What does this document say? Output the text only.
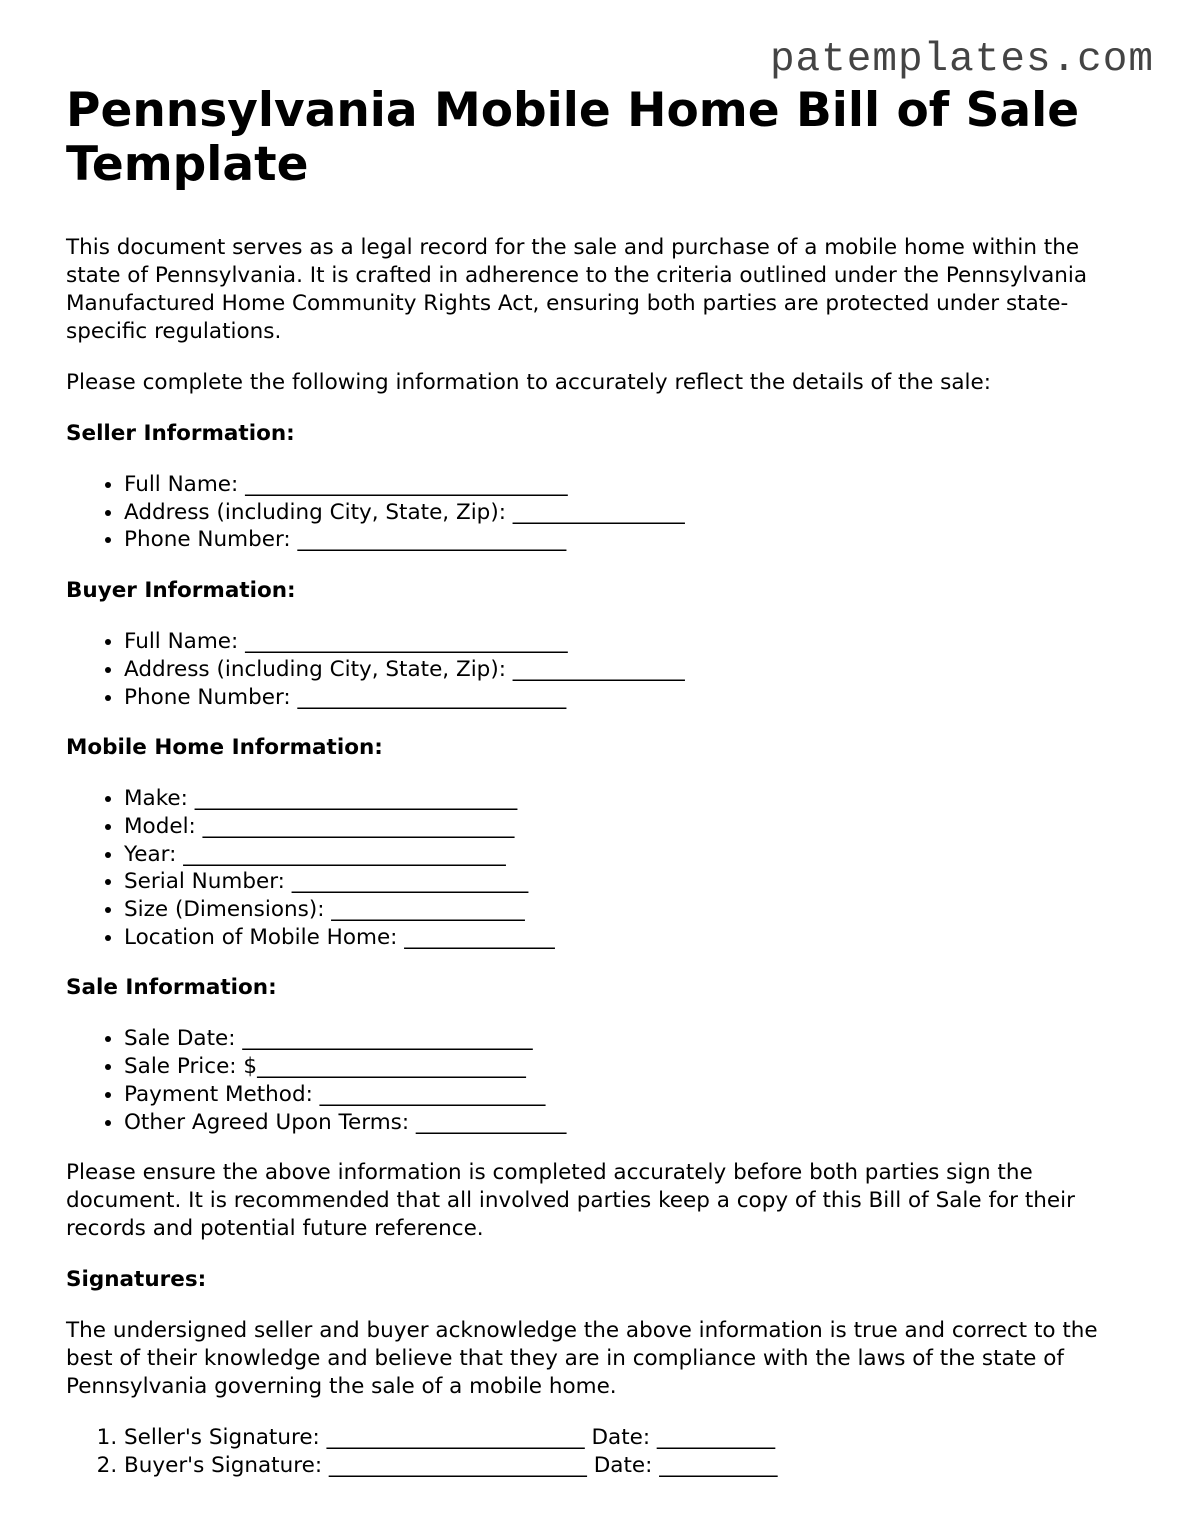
patemplates.com
Pennsylvania Mobile Home Bill of Sale Template

This document serves as a legal record for the sale and purchase of a mobile home within the state of Pennsylvania. It is crafted in adherence to the criteria outlined under the Pennsylvania Manufactured Home Community Rights Act, ensuring both parties are protected under state-specific regulations.

Please complete the following information to accurately reflect the details of the sale:

Seller Information:
• Full Name: ______________________________
• Address (including City, State, Zip): ________________
• Phone Number: _________________________
Buyer Information:
• Full Name: ______________________________
• Address (including City, State, Zip): ________________
• Phone Number: _________________________
Mobile Home Information:
• Make: ______________________________
• Model: _____________________________
• Year: ______________________________
• Serial Number: ______________________
• Size (Dimensions): __________________
• Location of Mobile Home: ______________
Sale Information:
• Sale Date: ___________________________
• Sale Price: $_________________________
• Payment Method: _____________________
• Other Agreed Upon Terms: ______________

Please ensure the above information is completed accurately before both parties sign the document. It is recommended that all involved parties keep a copy of this Bill of Sale for their records and potential future reference.

Signatures:

The undersigned seller and buyer acknowledge the above information is true and correct to the best of their knowledge and believe that they are in compliance with the laws of the state of Pennsylvania governing the sale of a mobile home.

1. Seller's Signature: ________________________ Date: ___________
2. Buyer's Signature: ________________________ Date: ___________
